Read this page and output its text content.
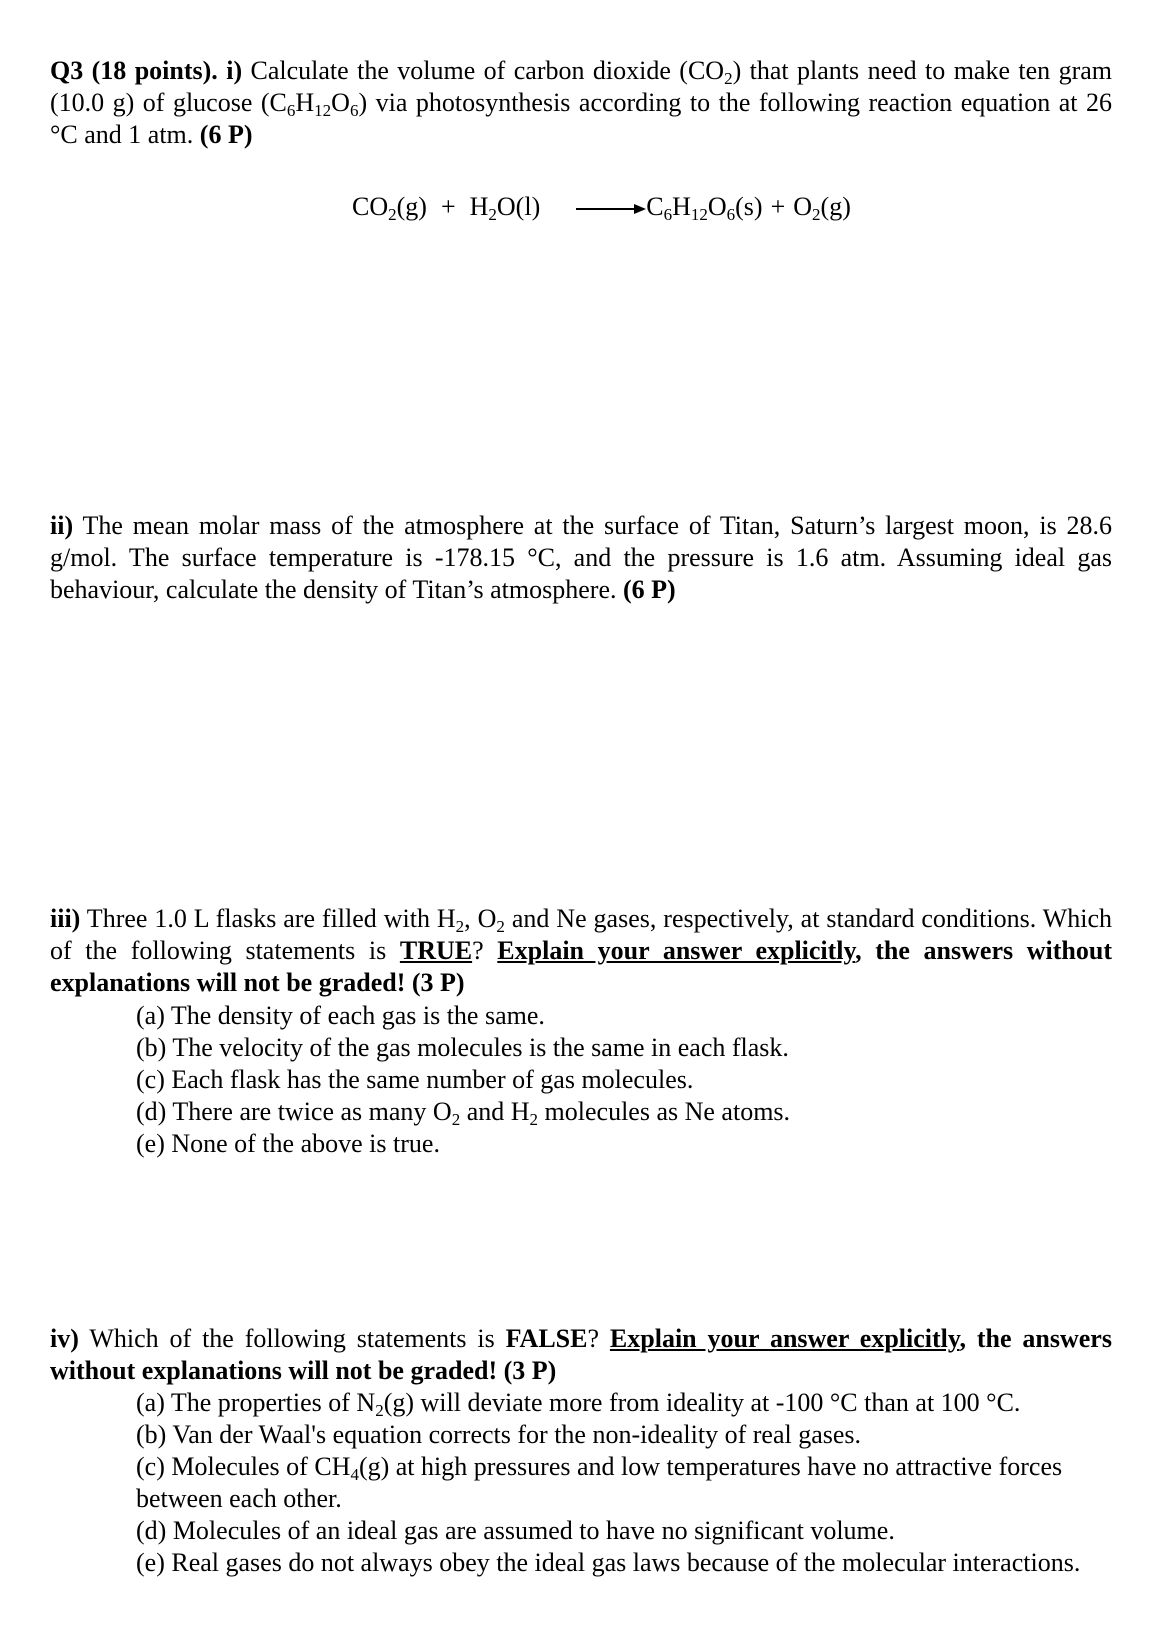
Q3 (18 points). i) Calculate the volume of carbon dioxide $(CO_2)$ that plants need to make ten gram (10.0 g) of glucose $(C_6H_{12}O_6)$ via photosynthesis according to the following reaction equation at 26 °C and 1 atm. (6 P)
$CO_2(g) + H_2O(l) \to C_6H_{12}O_6(s) + O_2(g)$
ii) The mean molar mass of the atmosphere at the surface of Titan, Saturn’s largest moon, is 28.6 g/mol. The surface temperature is -178.15 °C, and the pressure is 1.6 atm. Assuming ideal gas behaviour, calculate the density of Titan’s atmosphere. (6 P)
iii) Three 1.0 L flasks are filled with $H_2$, $O_2$ and Ne gases, respectively, at standard conditions. Which of the following statements is TRUE? Explain your answer explicitly, the answers without explanations will not be graded! (3 P)
(a) The density of each gas is the same.
(b) The velocity of the gas molecules is the same in each flask.
(c) Each flask has the same number of gas molecules.
(d) There are twice as many $O_2$ and $H_2$ molecules as Ne atoms.
(e) None of the above is true.
iv) Which of the following statements is FALSE? Explain your answer explicitly, the answers without explanations will not be graded! (3 P)
(a) The properties of $N_2(g)$ will deviate more from ideality at -100 °C than at 100 °C.
(b) Van der Waal's equation corrects for the non-ideality of real gases.
(c) Molecules of $CH_4(g)$ at high pressures and low temperatures have no attractive forces between each other.
(d) Molecules of an ideal gas are assumed to have no significant volume.
(e) Real gases do not always obey the ideal gas laws because of the molecular interactions.
